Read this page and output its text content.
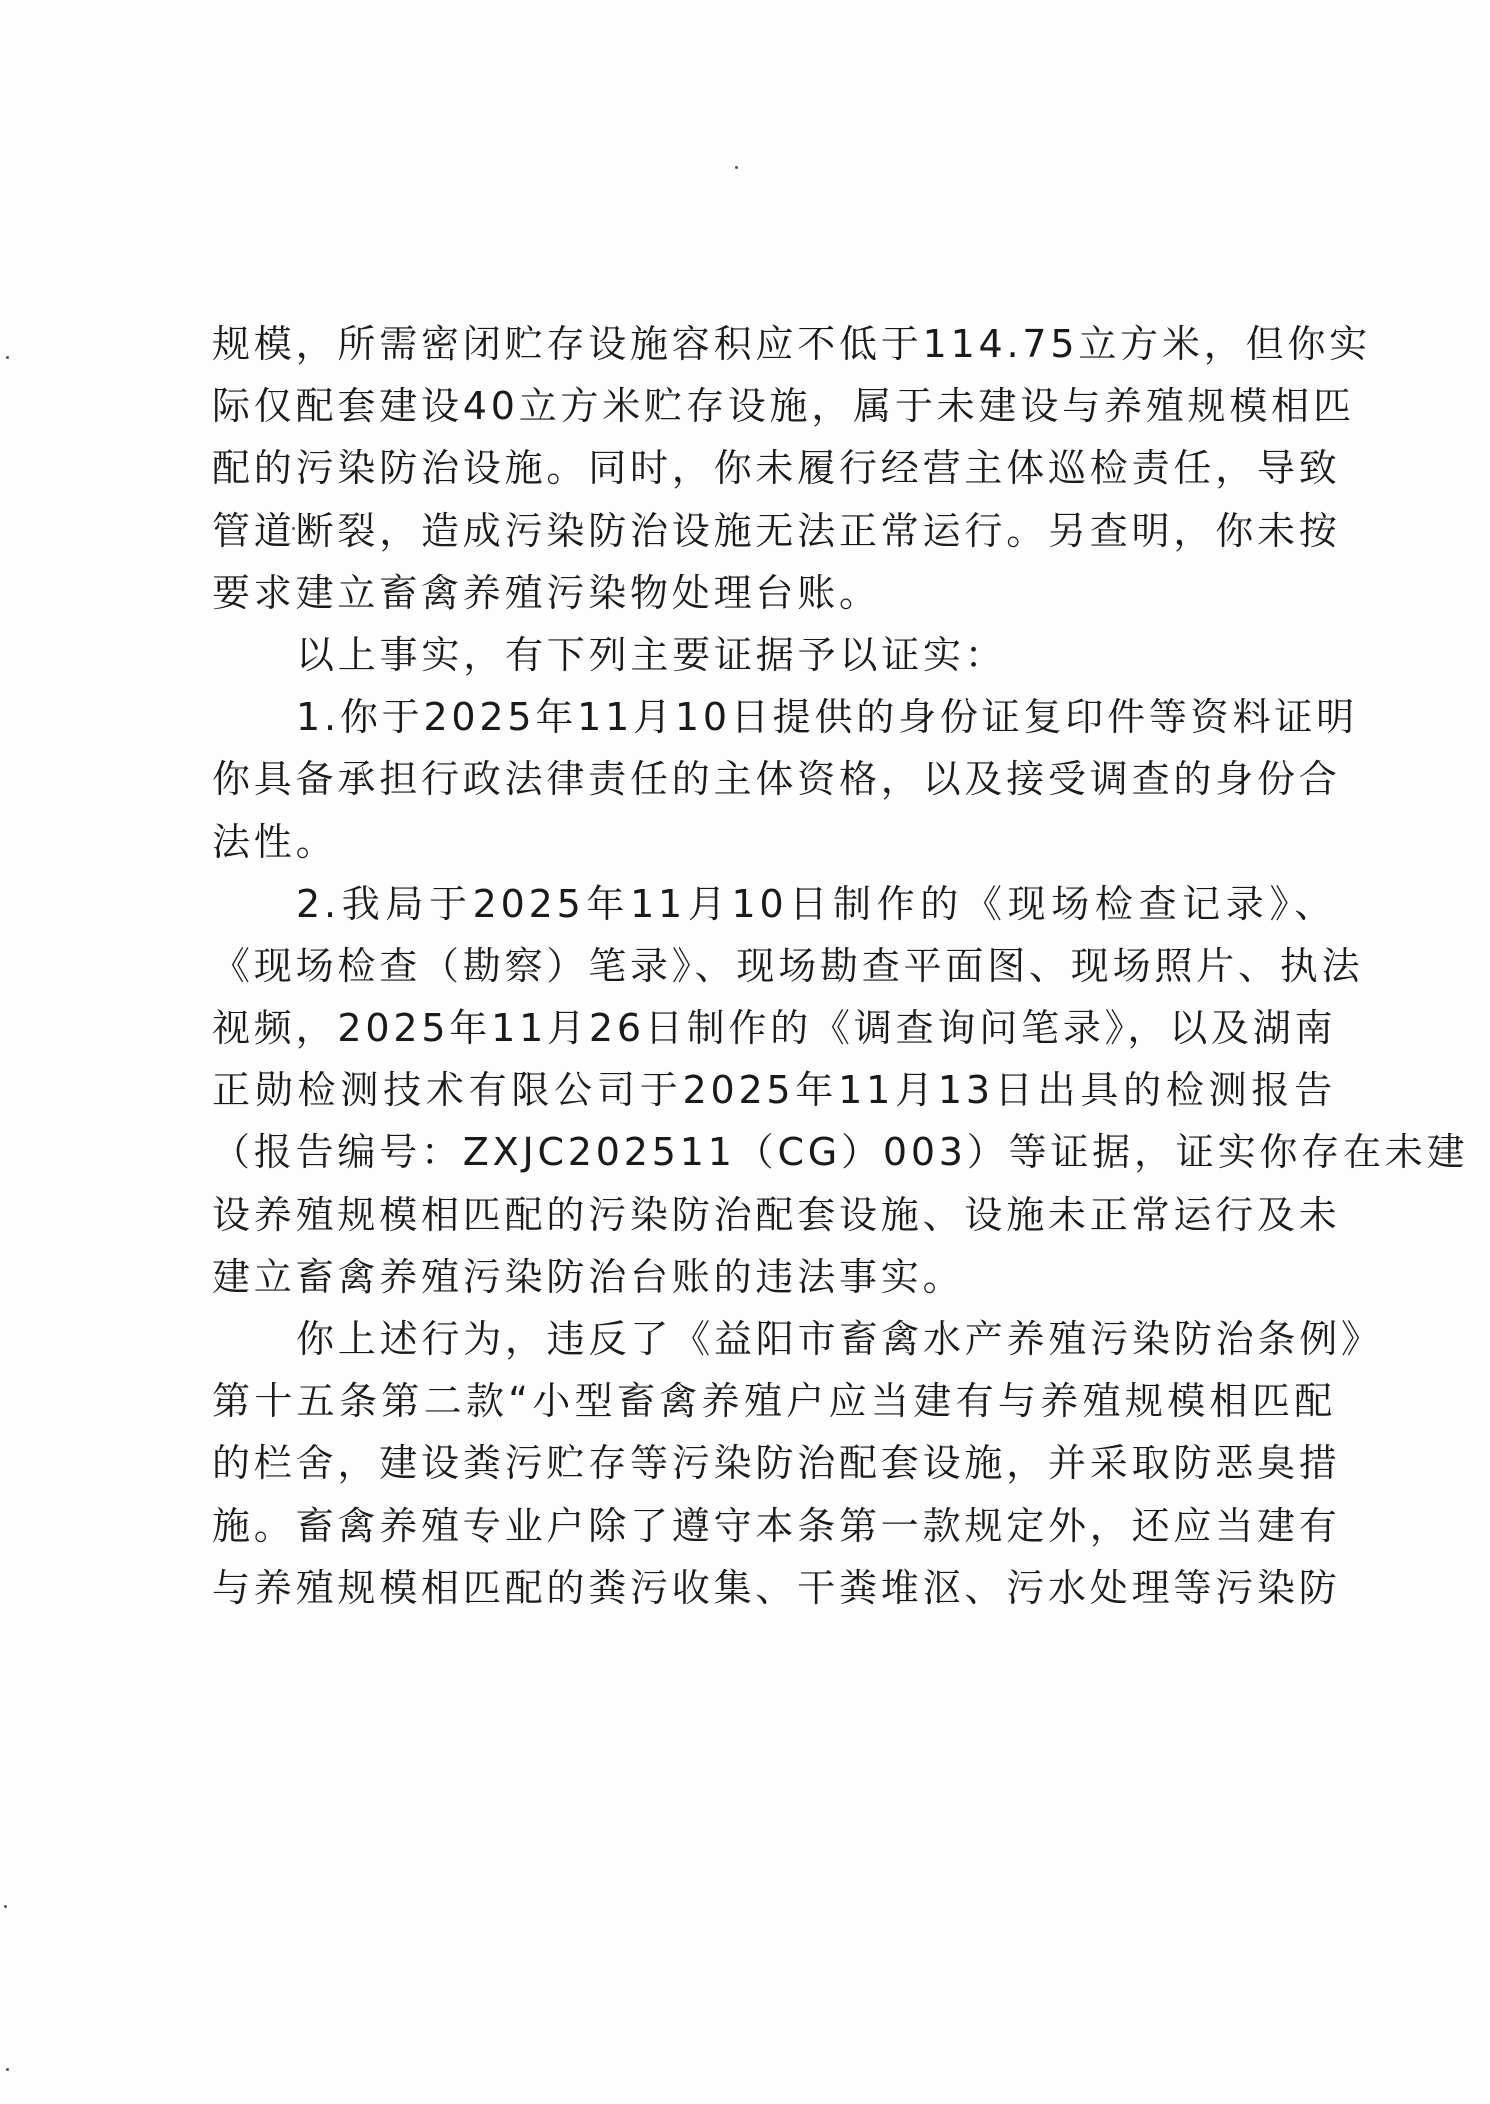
规模，所需密闭贮存设施容积应不低于114.75立方米，但你实
际仅配套建设40立方米贮存设施，属于未建设与养殖规模相匹
配的污染防治设施。同时，你未履行经营主体巡检责任，导致
管道断裂，造成污染防治设施无法正常运行。另查明，你未按
要求建立畜禽养殖污染物处理台账。
以上事实，有下列主要证据予以证实：
1.你于2025年11月10日提供的身份证复印件等资料证明
你具备承担行政法律责任的主体资格，以及接受调查的身份合
法性。
2.我局于2025年11月10日制作的《现场检查记录》、
《现场检查（勘察）笔录》、现场勘查平面图、现场照片、执法
视频，2025年11月26日制作的《调查询问笔录》，以及湖南
正勋检测技术有限公司于2025年11月13日出具的检测报告
（报告编号：ZXJC202511（CG）003）等证据，证实你存在未建
设养殖规模相匹配的污染防治配套设施、设施未正常运行及未
建立畜禽养殖污染防治台账的违法事实。
你上述行为，违反了《益阳市畜禽水产养殖污染防治条例》
第十五条第二款“小型畜禽养殖户应当建有与养殖规模相匹配
的栏舍，建设粪污贮存等污染防治配套设施，并采取防恶臭措
施。畜禽养殖专业户除了遵守本条第一款规定外，还应当建有
与养殖规模相匹配的粪污收集、干粪堆沤、污水处理等污染防
